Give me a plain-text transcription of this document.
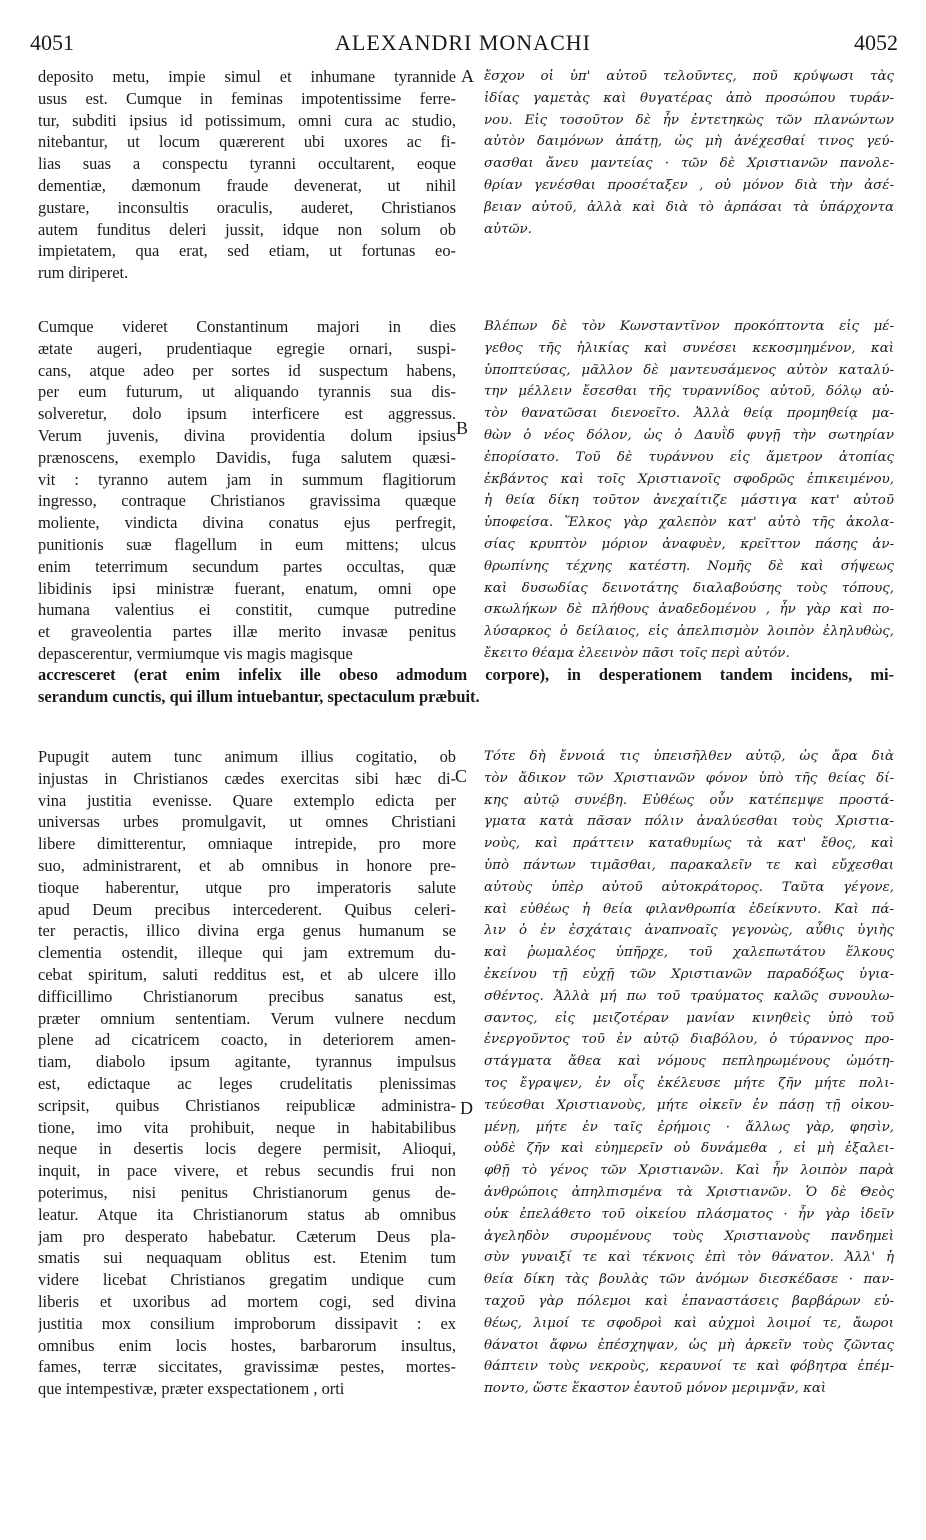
4051	ALEXANDRI MONACHI	4052
deposito metu, impie simul et inhumane tyrannide
usus est. Cumque in feminas impotentissime ferre-
tur, subditi ipsius id potissimum, omni cura ac studio,
nitebantur, ut locum quærerent ubi uxores ac fi-
lias suas a conspectu tyranni occultarent, eoque
dementiæ, dæmonum fraude devenerat, ut nihil
gustare, inconsultis oraculis, auderet, Christianos
autem funditus deleri jussit, idque non solum ob
impietatem, qua erat, sed etiam, ut fortunas eo-
rum diriperet.
ἔσχον οἱ ὑπ' αὐτοῦ τελοῦντες, ποῦ κρύψωσι τὰς
ἰδίας γαμετὰς καὶ θυγατέρας ἀπὸ προσώπου τυράν-
νου. Εἰς τοσοῦτον δὲ ἦν ἐντετηκὼς τῶν πλανώντων
αὐτὸν δαιμόνων ἀπάτῃ, ὡς μὴ ἀνέχεσθαί τινος γεύ-
σασθαι ἄνευ μαντείας · τῶν δὲ Χριστιανῶν πανολε-
θρίαν γενέσθαι προσέταξεν , οὐ μόνον διὰ τὴν ἀσέ-
βειαν αὐτοῦ, ἀλλὰ καὶ διὰ τὸ ἁρπάσαι τὰ ὑπάρχοντα
αὐτῶν.
Cumque videret Constantinum majori in dies
ætate augeri, prudentiaque egregie ornari, suspi-
cans, atque adeo per sortes id suspectum habens,
per eum futurum, ut aliquando tyrannis sua dis-
solveretur, dolo ipsum interficere est aggressus.
Verum juvenis, divina providentia dolum ipsius
prænoscens, exemplo Davidis, fuga salutem quæsi-
vit : tyranno autem jam in summum flagitiorum
ingresso, contraque Christianos gravissima quæque
moliente, vindicta divina conatus ejus perfregit,
punitionis suæ flagellum in eum mittens; ulcus
enim teterrimum secundum partes occultas, quæ
libidinis ipsi ministræ fuerant, enatum, omni ope
humana valentius ei constitit, cumque putredine
et graveolentia partes illæ merito invasæ penitus
depascerentur, vermiumque vis magis magisque
Βλέπων δὲ τὸν Κωνσταντῖνον προκόπτοντα εἰς μέ-
γεθος τῆς ἡλικίας καὶ συνέσει κεκοσμημένον, καὶ
ὑποπτεύσας, μᾶλλον δὲ μαντευσάμενος αὐτὸν καταλύ-
την μέλλειν ἔσεσθαι τῆς τυραννίδος αὐτοῦ, δόλῳ αὐ-
τὸν θανατῶσαι διενοεῖτο. Ἀλλὰ θείᾳ προμηθείᾳ μα-
θὼν ὁ νέος δόλον, ὡς ὁ Δαυῒδ φυγῇ τὴν σωτηρίαν
ἐπορίσατο. Τοῦ δὲ τυράννου εἰς ἄμετρον ἀτοπίας
ἐκβάντος καὶ τοῖς Χριστιανοῖς σφοδρῶς ἐπικειμένου,
ἡ θεία δίκη τοῦτον ἀνεχαίτιζε μάστιγα κατ' αὐτοῦ
ὑποφείσα. Ἕλκος γὰρ χαλεπὸν κατ' αὐτὸ τῆς ἀκολα-
σίας κρυπτὸν μόριον ἀναφυὲν, κρεῖττον πάσης ἀν-
θρωπίνης τέχνης κατέστη. Νομῆς δὲ καὶ σήψεως
καὶ δυσωδίας δεινοτάτης διαλαβούσης τοὺς τόπους,
σκωλήκων δὲ πλήθους ἀναδεδομένου , ἦν γὰρ καὶ πο-
λύσαρκος ὁ δείλαιος, εἰς ἀπελπισμὸν λοιπὸν ἐληλυθὼς,
ἔκειτο θέαμα ἐλεεινὸν πᾶσι τοῖς περὶ αὐτόν.
accresceret (erat enim infelix ille obeso admodum corpore), in desperationem tandem incidens, mi-
serandum cunctis, qui illum intuebantur, spectaculum præbuit.
Pupugit autem tunc animum illius cogitatio, ob
injustas in Christianos cædes exercitas sibi hæc di-
vina justitia evenisse. Quare extemplo edicta per
universas urbes promulgavit, ut omnes Christiani
libere dimitterentur, omniaque intrepide, pro more
suo, administrarent, et ab omnibus in honore pre-
tioque haberentur, utque pro imperatoris salute
apud Deum precibus intercederent. Quibus celeri-
ter peractis, illico divina erga genus humanum se
clementia ostendit, illeque qui jam extremum du-
cebat spiritum, saluti redditus est, et ab ulcere illo
difficillimo Christianorum precibus sanatus est,
præter omnium sententiam. Verum vulnere necdum
plene ad cicatricem coacto, in deteriorem amen-
tiam, diabolo ipsum agitante, tyrannus impulsus
est, edictaque ac leges crudelitatis plenissimas
scripsit, quibus Christianos reipublicæ administra-
tione, imo vita prohibuit, neque in habitabilibus
neque in desertis locis degere permisit, Alioqui,
inquit, in pace vivere, et rebus secundis frui non
poterimus, nisi penitus Christianorum genus de-
leatur. Atque ita Christianorum status ab omnibus
jam pro desperato habebatur. Cæterum Deus pla-
smatis sui nequaquam oblitus est. Etenim tum
videre licebat Christianos gregatim undique cum
liberis et uxoribus ad mortem cogi, sed divina
justitia mox consilium improborum dissipavit : ex
omnibus enim locis hostes, barbarorum insultus,
fames, terræ siccitates, gravissimæ pestes, mortes-
que intempestivæ, præter exspectationem , orti
Τότε δὴ ἔννοιά τις ὑπεισῆλθεν αὐτῷ, ὡς ἄρα διὰ
τὸν ἄδικον τῶν Χριστιανῶν φόνον ὑπὸ τῆς θείας δί-
κης αὐτῷ συνέβη. Εὐθέως οὖν κατέπεμψε προστά-
γματα κατὰ πᾶσαν πόλιν ἀναλύεσθαι τοὺς Χριστια-
νοὺς, καὶ πράττειν καταθυμίως τὰ κατ' ἔθος, καὶ
ὑπὸ πάντων τιμᾶσθαι, παρακαλεῖν τε καὶ εὔχεσθαι
αὐτοὺς ὑπὲρ αὐτοῦ αὐτοκράτορος. Ταῦτα γέγονε,
καὶ εὐθέως ἡ θεία φιλανθρωπία ἐδείκνυτο. Καὶ πά-
λιν ὁ ἐν ἐσχάταις ἀναπνοαῖς γεγονὼς, αὖθις ὑγιὴς
καὶ ῥωμαλέος ὑπῆρχε, τοῦ χαλεπωτάτου ἕλκους
ἐκείνου τῇ εὐχῇ τῶν Χριστιανῶν παραδόξως ὑγια-
σθέντος. Ἀλλὰ μή πω τοῦ τραύματος καλῶς συνουλω-
σαντος, εἰς μειζοτέραν μανίαν κινηθεὶς ὑπὸ τοῦ
ἐνεργοῦντος τοῦ ἐν αὐτῷ διαβόλου, ὁ τύραννος προ-
στάγματα ἄθεα καὶ νόμους πεπληρωμένους ὠμότη-
τος ἔγραψεν, ἐν οἷς ἐκέλευσε μήτε ζῆν μήτε πολι-
τεύεσθαι Χριστιανοὺς, μήτε οἰκεῖν ἐν πάσῃ τῇ οἰκου-
μένῃ, μήτε ἐν ταῖς ἐρήμοις · ἄλλως γὰρ, φησὶν,
οὐδὲ ζῆν καὶ εὐημερεῖν οὐ δυνάμεθα , εἰ μὴ ἐξαλει-
φθῇ τὸ γένος τῶν Χριστιανῶν. Καὶ ἦν λοιπὸν παρὰ
ἀνθρώποις ἀπηλπισμένα τὰ Χριστιανῶν. Ὁ δὲ Θεὸς
οὐκ ἐπελάθετο τοῦ οἰκείου πλάσματος · ἦν γὰρ ἰδεῖν
ἀγεληδὸν συρομένους τοὺς Χριστιανοὺς πανδημεὶ
σὺν γυναιξί τε καὶ τέκνοις ἐπὶ τὸν θάνατον. Ἀλλ' ἡ
θεία δίκη τὰς βουλὰς τῶν ἀνόμων διεσκέδασε · παν-
ταχοῦ γὰρ πόλεμοι καὶ ἐπαναστάσεις βαρβάρων εὐ-
θέως, λιμοί τε σφοδροὶ καὶ αὐχμοὶ λοιμοί τε, ἄωροι
θάνατοι ἄφνω ἐπέσχηψαν, ὡς μὴ ἀρκεῖν τοὺς ζῶντας
θάπτειν τοὺς νεκροὺς, κεραυνοί τε καὶ φόβητρα ἐπέμ-
ποντο, ὥστε ἕκαστον ἑαυτοῦ μόνον μεριμνᾷν, καὶ
A
B
C
D
